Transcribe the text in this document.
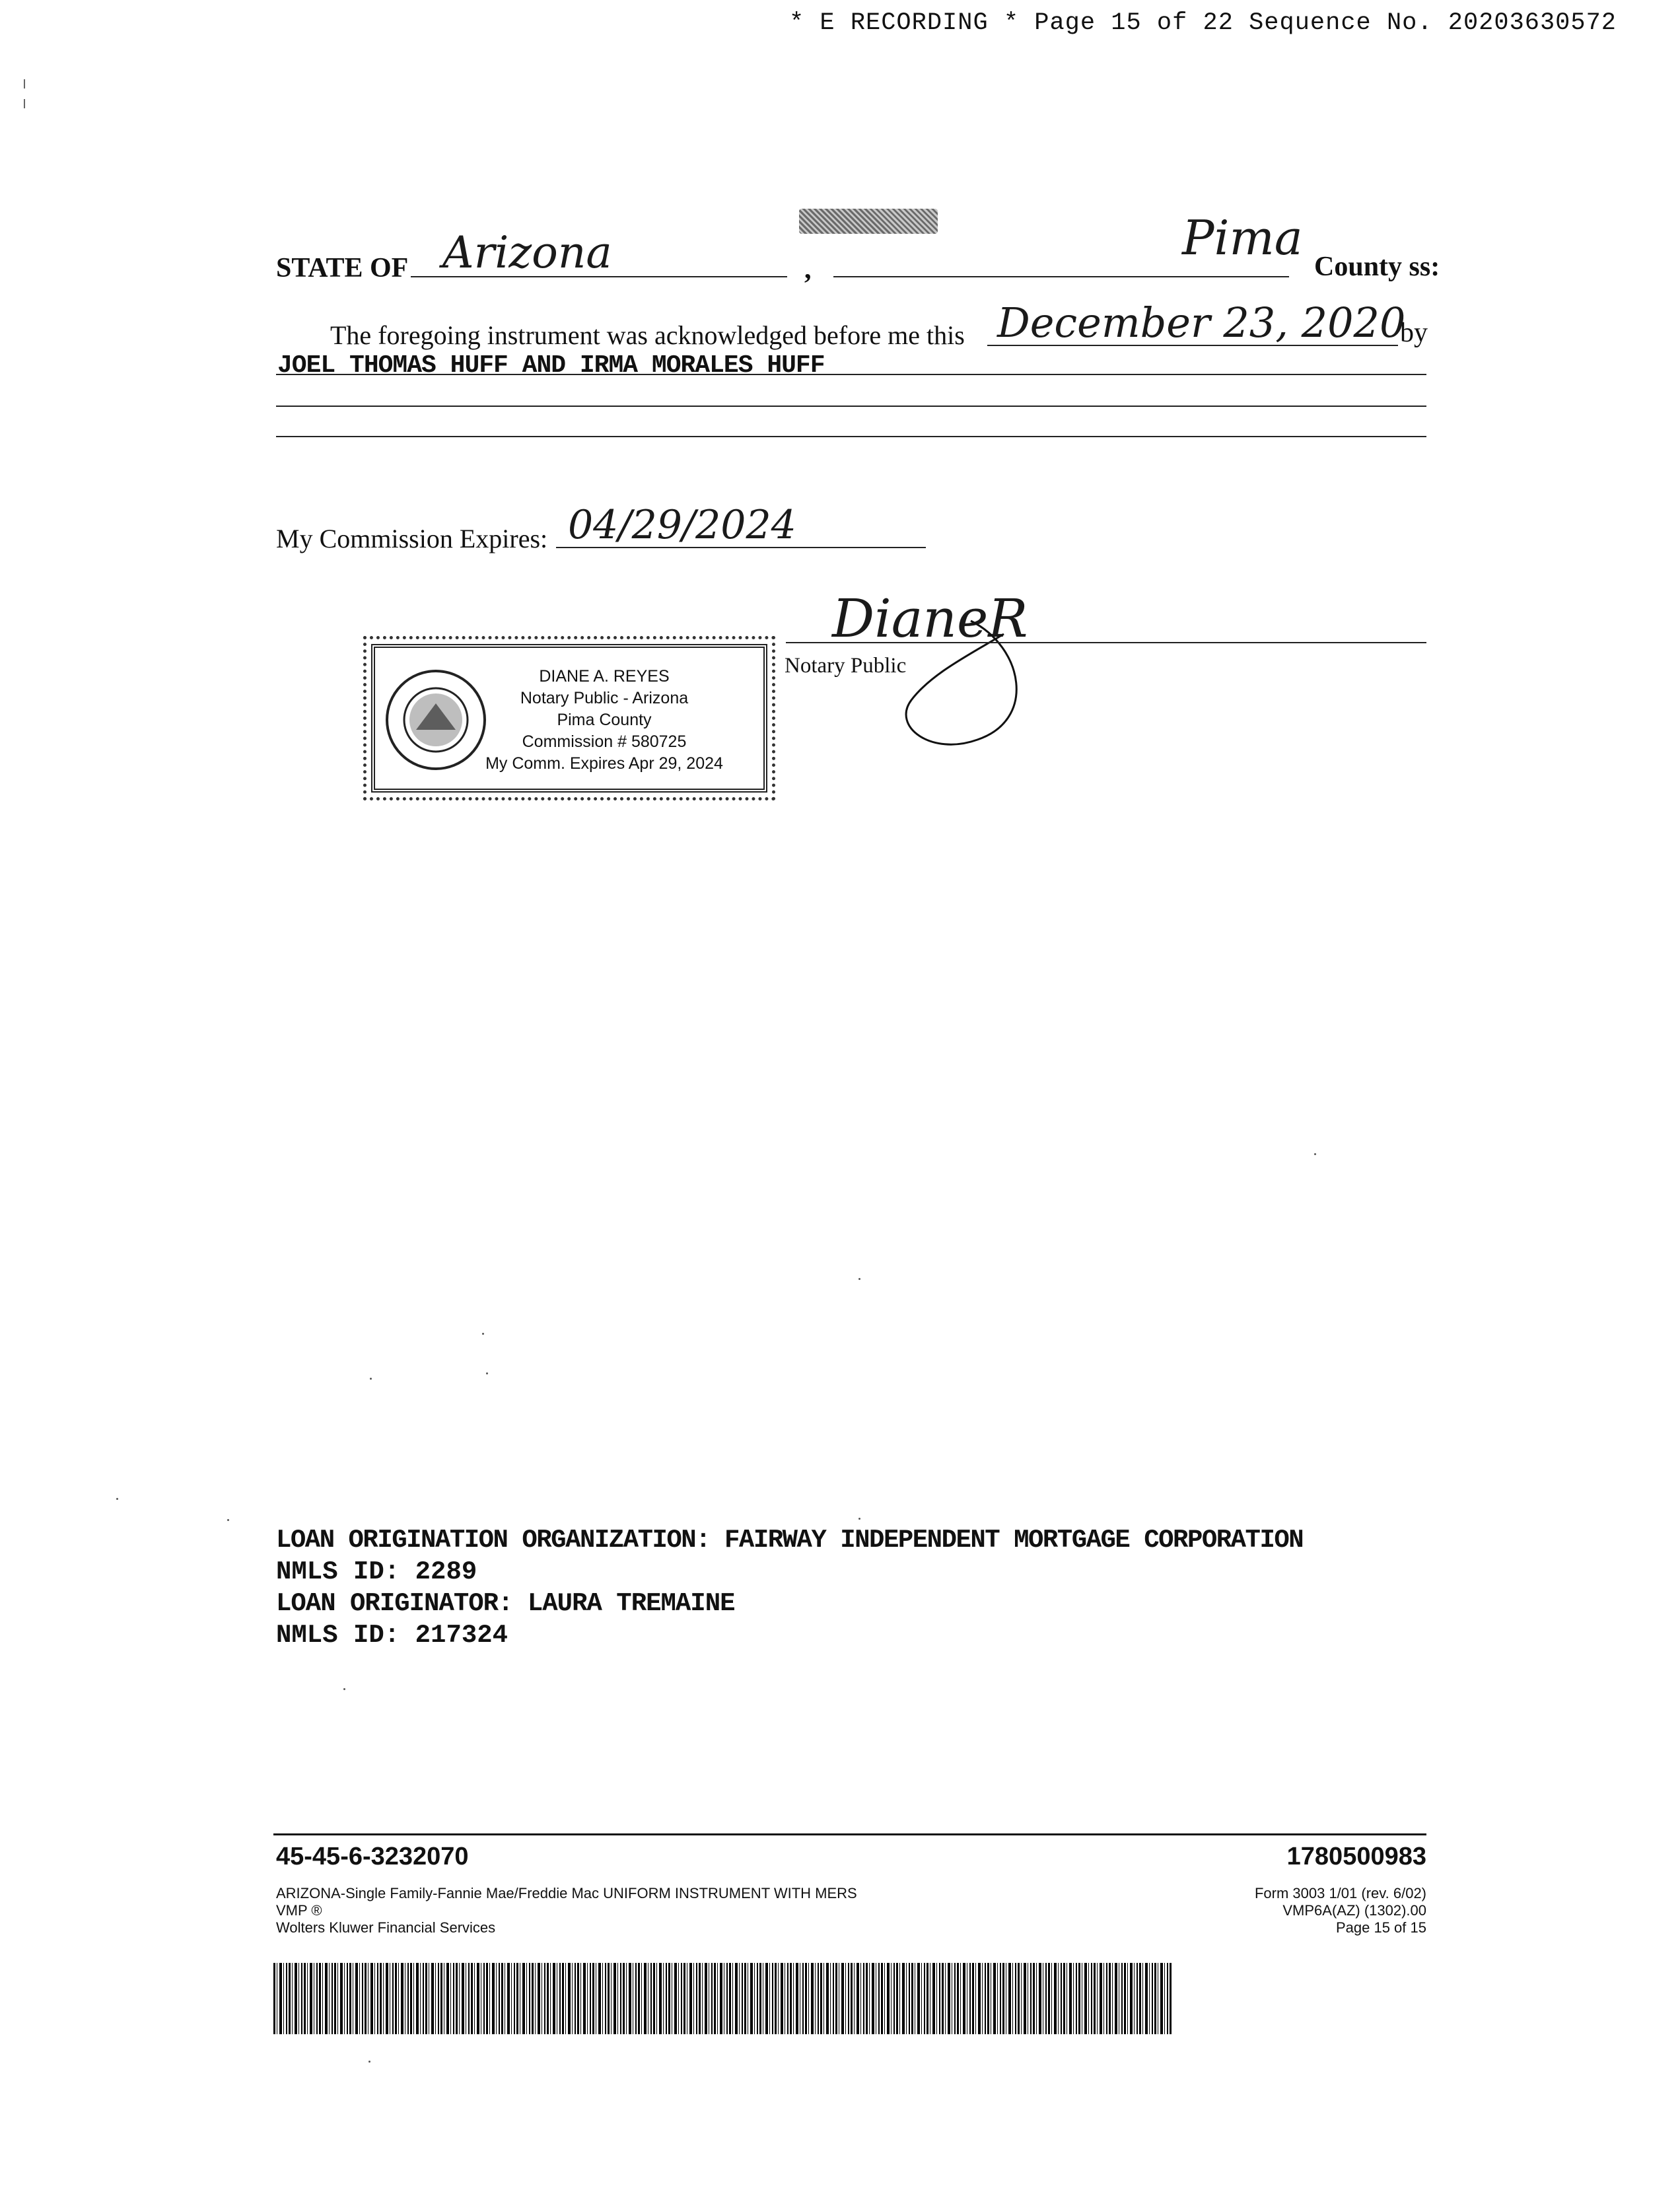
* E RECORDING * Page 15 of 22 Sequence No. 20203630572
STATE OF Arizona	,
Pima
County ss:
The foregoing instrument was acknowledged before me this December 23, 2020
by
JOEL THOMAS HUFF AND IRMA MORALES HUFF
My Commission Expires: 04/29/2024
DianeR
Notary Public
DIANE A. REYES
Notary Public - Arizona
Pima County
Commission # 580725
My Comm. Expires Apr 29, 2024
LOAN ORIGINATION ORGANIZATION: FAIRWAY INDEPENDENT MORTGAGE CORPORATION
NMLS ID: 2289
LOAN ORIGINATOR: LAURA TREMAINE
NMLS ID: 217324
45-45-6-3232070	1780500983
ARIZONA-Single Family-Fannie Mae/Freddie Mac UNIFORM INSTRUMENT WITH MERS
VMP ®
Wolters Kluwer Financial Services
Form 3003 1/01 (rev. 6/02)
VMP6A(AZ) (1302).00
Page 15 of 15
